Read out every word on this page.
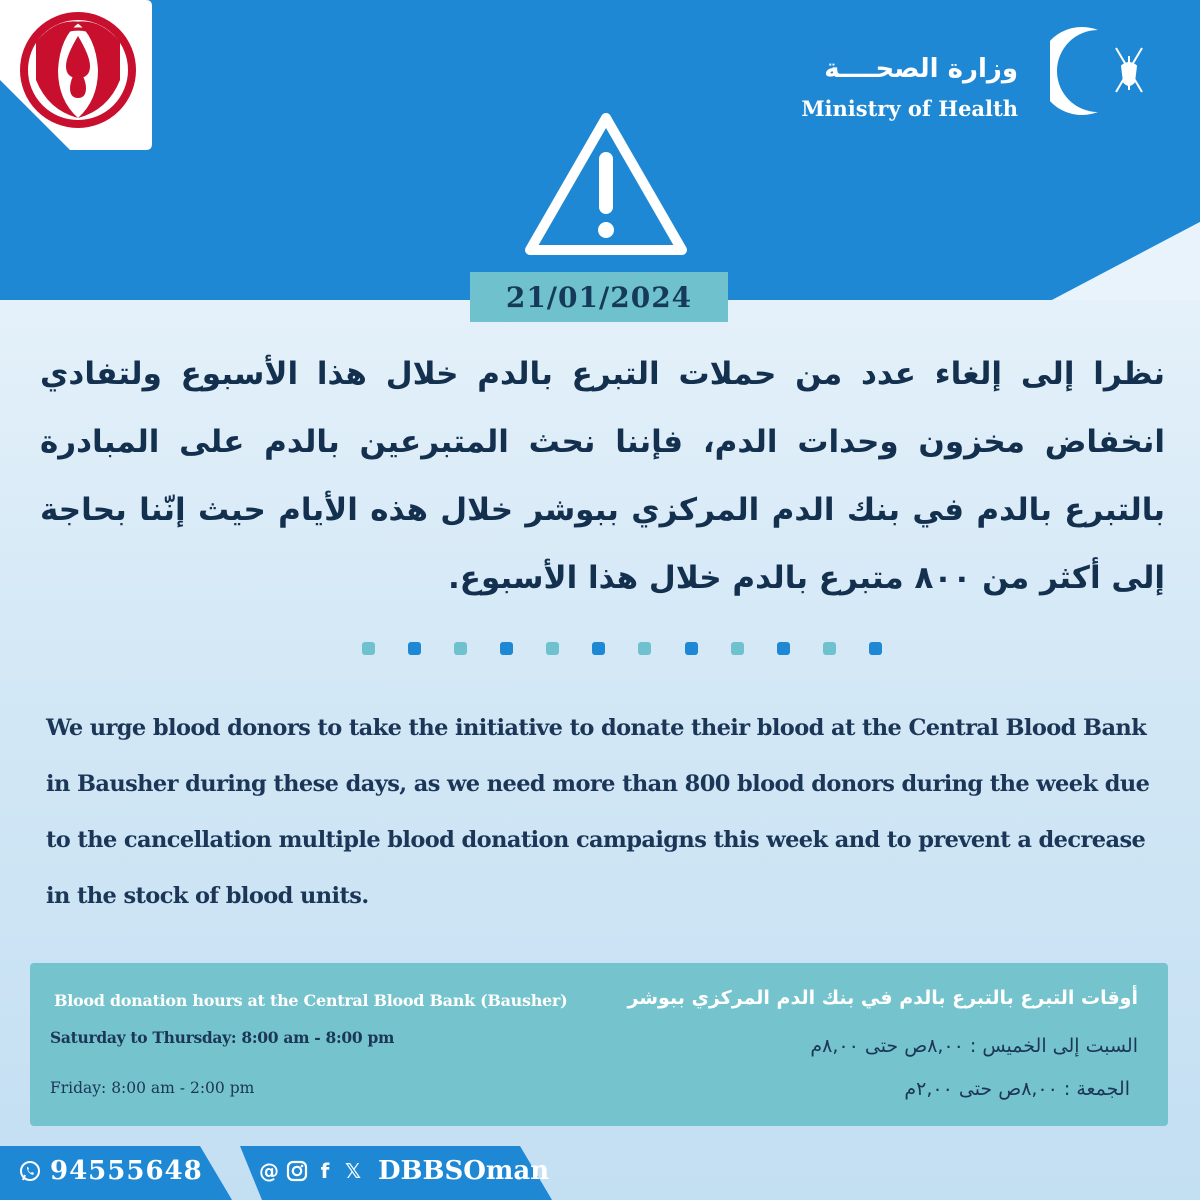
وزارة الصحــــة
Ministry of Health
21/01/2024
نظرا إلى إلغاء عدد من حملات التبرع بالدم خلال هذا الأسبوع ولتفادي انخفاض مخزون وحدات الدم، فإننا نحث المتبرعين بالدم على المبادرة بالتبرع بالدم في بنك الدم المركزي ببوشر خلال هذه الأيام حيث إنّنا بحاجة إلى أكثر من ٨٠٠ متبرع بالدم خلال هذا الأسبوع.
We urge blood donors to take the initiative to donate their blood at the Central Blood Bank in Bausher during these days, as we need more than 800 blood donors during the week due to the cancellation multiple blood donation campaigns this week and to prevent a decrease in the stock of blood units.
Blood donation hours at the Central Blood Bank (Bausher)
Saturday to Thursday: 8:00 am - 8:00 pm
Friday: 8:00 am - 2:00 pm
أوقات التبرع بالتبرع بالدم في بنك الدم المركزي ببوشر
السبت إلى الخميس : ٨,٠٠ص حتى ٨,٠٠م
الجمعة : ٨,٠٠ص حتى ٢,٠٠م
94555648	@	f 𝕏 DBBSOman
